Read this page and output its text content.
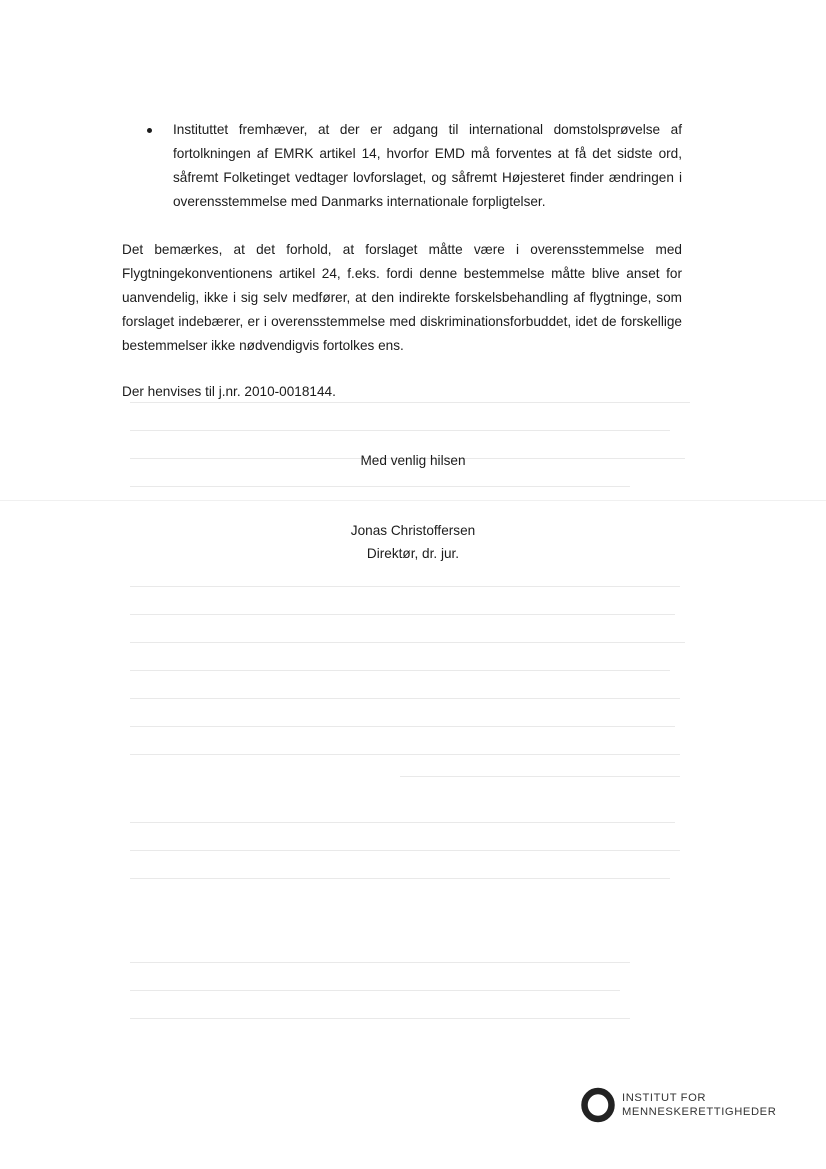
Instituttet fremhæver, at der er adgang til international domstolsprøvelse af fortolkningen af EMRK artikel 14, hvorfor EMD må forventes at få det sidste ord, såfremt Folketinget vedtager lovforslaget, og såfremt Højesteret finder ændringen i overensstemmelse med Danmarks internationale forpligtelser.
Det bemærkes, at det forhold, at forslaget måtte være i overensstemmelse med Flygtningekonventionens artikel 24, f.eks. fordi denne bestemmelse måtte blive anset for uanvendelig, ikke i sig selv medfører, at den indirekte forskelsbehandling af flygtninge, som forslaget indebærer, er i overensstemmelse med diskriminationsforbuddet, idet de forskellige bestemmelser ikke nødvendigvis fortolkes ens.
Der henvises til j.nr. 2010-0018144.
Med venlig hilsen
Jonas Christoffersen
Direktør, dr. jur.
INSTITUT FOR
MENNESKERETTIGHEDER
